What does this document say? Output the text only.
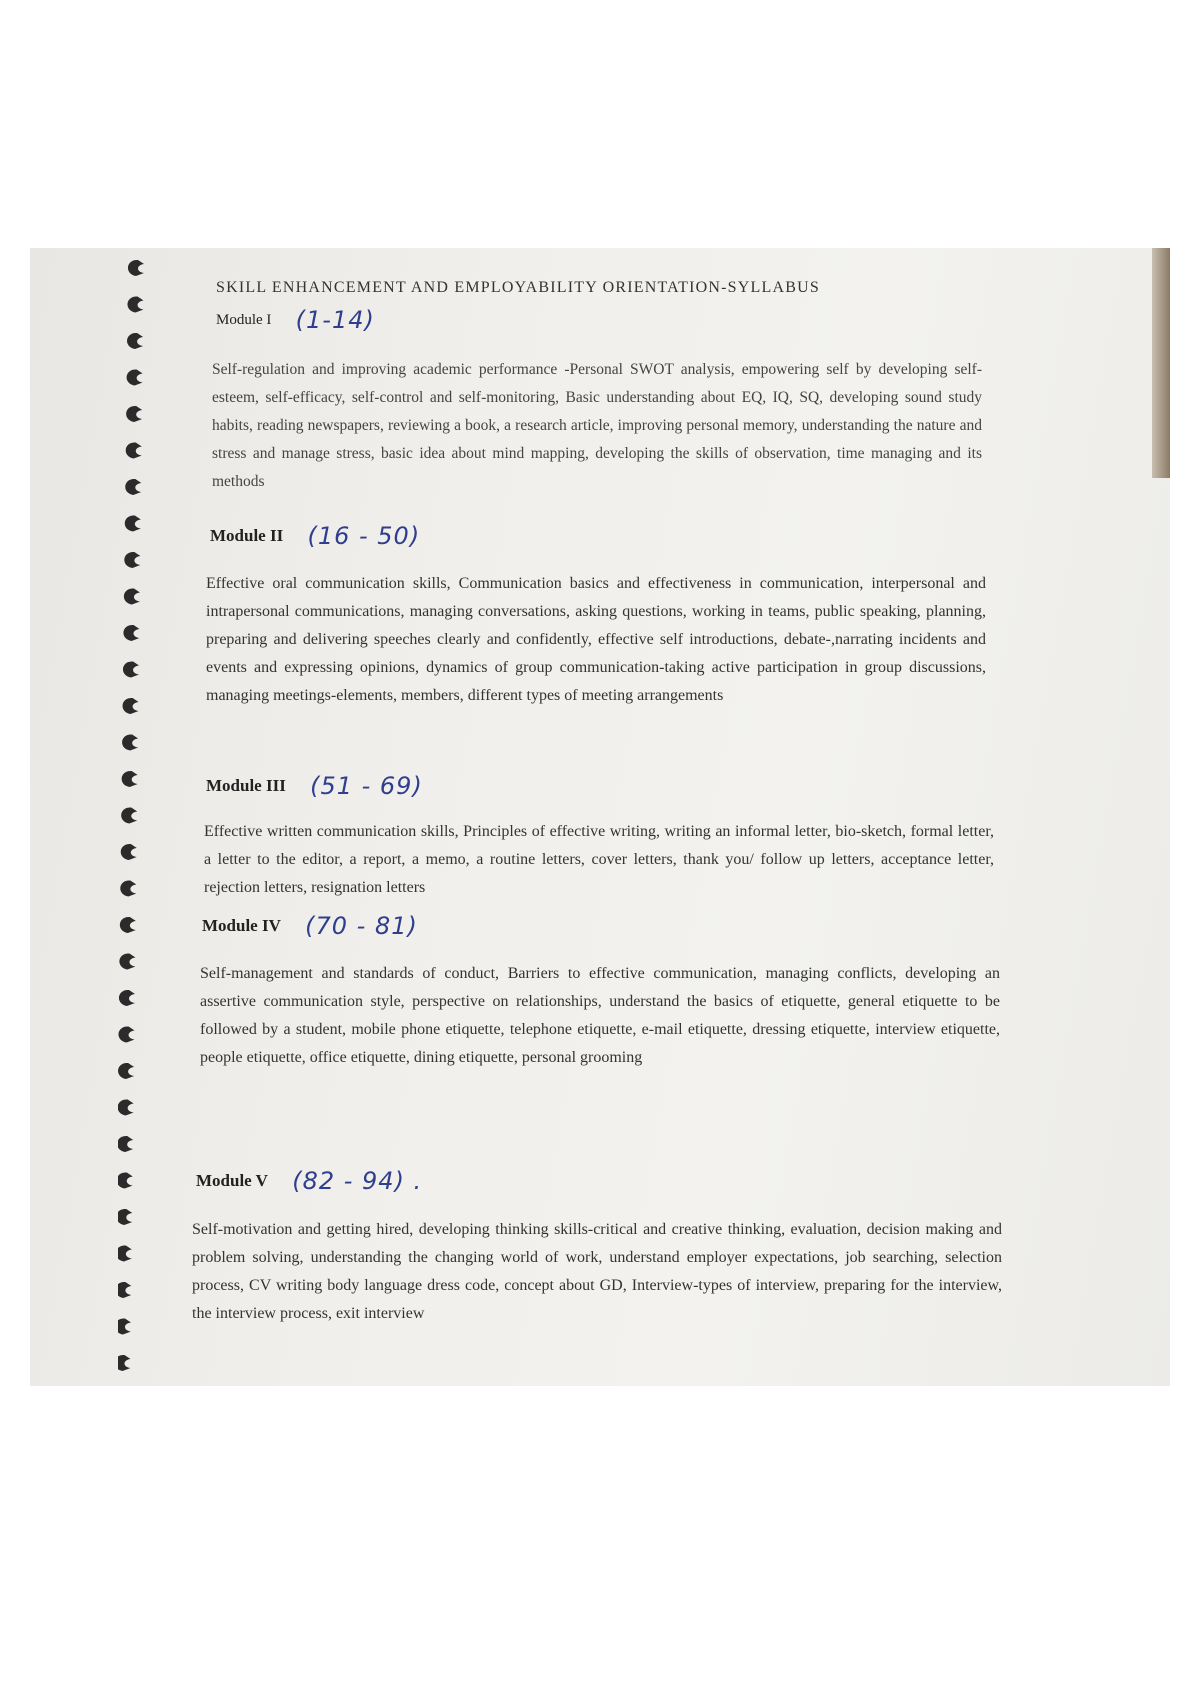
SKILL ENHANCEMENT AND EMPLOYABILITY ORIENTATION-SYLLABUS
Module I (1-14)
Self-regulation and improving academic performance -Personal SWOT analysis, empowering self by developing self-esteem, self-efficacy, self-control and self-monitoring, Basic understanding about EQ, IQ, SQ, developing sound study habits, reading newspapers, reviewing a book, a research article, improving personal memory, understanding the nature and stress and manage stress, basic idea about mind mapping, developing the skills of observation, time managing and its methods
Module II (16 - 50)
Effective oral communication skills, Communication basics and effectiveness in communication, interpersonal and intrapersonal communications, managing conversations, asking questions, working in teams, public speaking, planning, preparing and delivering speeches clearly and confidently, effective self introductions, debate-,narrating incidents and events and expressing opinions, dynamics of group communication-taking active participation in group discussions, managing meetings-elements, members, different types of meeting arrangements
Module III (51 - 69)
Effective written communication skills, Principles of effective writing, writing an informal letter, bio-sketch, formal letter, a letter to the editor, a report, a memo, a routine letters, cover letters, thank you/ follow up letters, acceptance letter, rejection letters, resignation letters
Module IV (70 - 81)
Self-management and standards of conduct, Barriers to effective communication, managing conflicts, developing an assertive communication style, perspective on relationships, understand the basics of etiquette, general etiquette to be followed by a student, mobile phone etiquette, telephone etiquette, e-mail etiquette, dressing etiquette, interview etiquette, people etiquette, office etiquette, dining etiquette, personal grooming
Module V (82 - 94) .
Self-motivation and getting hired, developing thinking skills-critical and creative thinking, evaluation, decision making and problem solving, understanding the changing world of work, understand employer expectations, job searching, selection process, CV writing body language dress code, concept about GD, Interview-types of interview, preparing for the interview, the interview process, exit interview
